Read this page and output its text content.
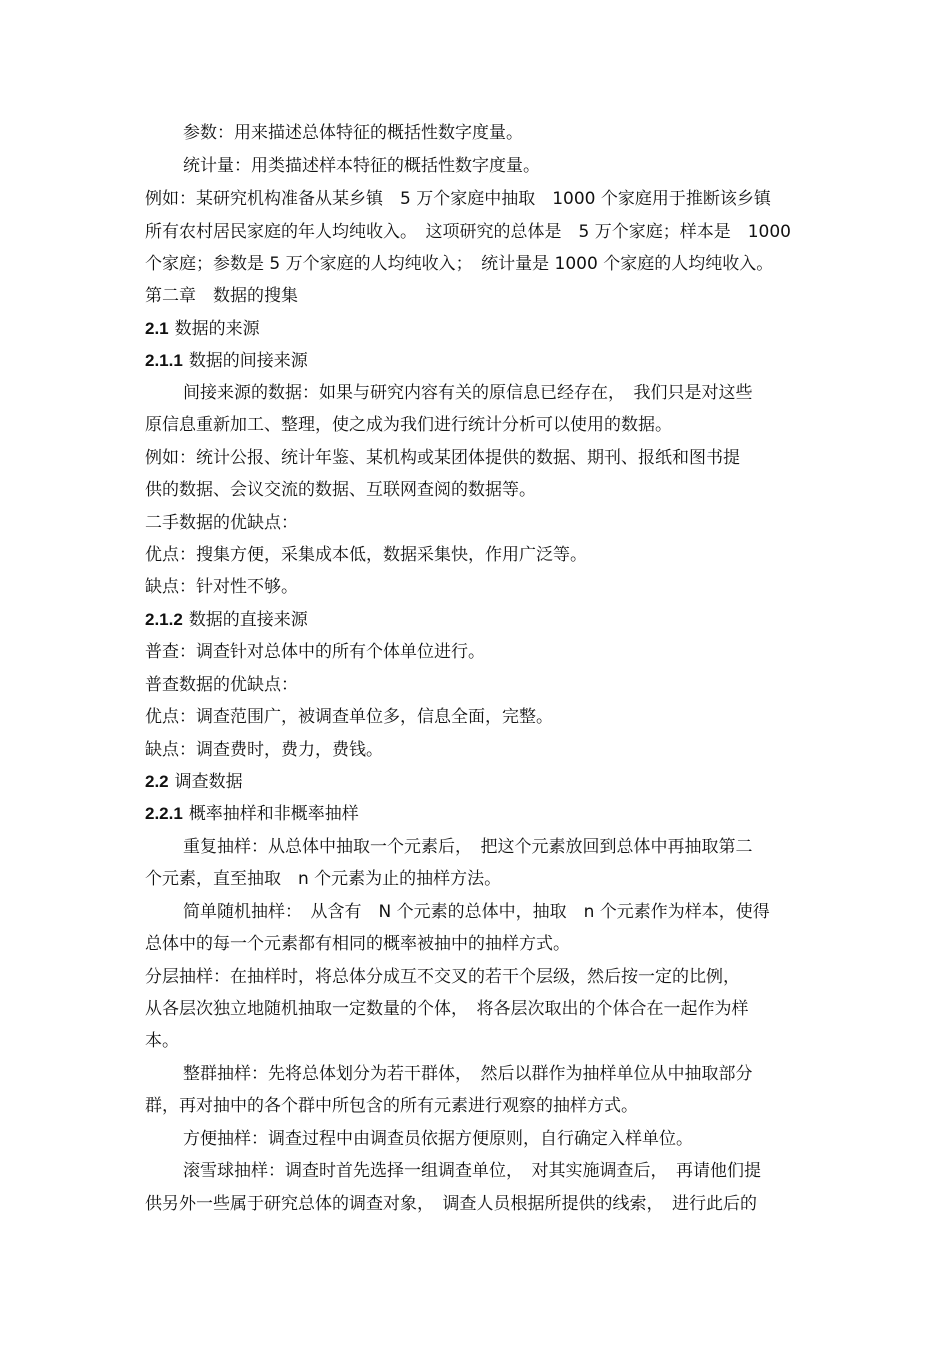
参数：用来描述总体特征的概括性数字度量。
统计量：用类描述样本特征的概括性数字度量。
例如：某研究机构准备从某乡镇　5 万个家庭中抽取　1000 个家庭用于推断该乡镇
所有农村居民家庭的年人均纯收入。　这项研究的总体是　5 万个家庭；样本是　1000
个家庭；参数是 5 万个家庭的人均纯收入；　统计量是 1000 个家庭的人均纯收入。
第二章　数据的搜集
2.1 数据的来源
2.1.1 数据的间接来源
间接来源的数据：如果与研究内容有关的原信息已经存在，　我们只是对这些
原信息重新加工、整理，使之成为我们进行统计分析可以使用的数据。
例如：统计公报、统计年鉴、某机构或某团体提供的数据、期刊、报纸和图书提
供的数据、会议交流的数据、互联网查阅的数据等。
二手数据的优缺点：
优点：搜集方便，采集成本低，数据采集快，作用广泛等。
缺点：针对性不够。
2.1.2 数据的直接来源
普查：调查针对总体中的所有个体单位进行。
普查数据的优缺点：
优点：调查范围广，被调查单位多，信息全面，完整。
缺点：调查费时，费力，费钱。
2.2 调查数据
2.2.1 概率抽样和非概率抽样
重复抽样：从总体中抽取一个元素后，　把这个元素放回到总体中再抽取第二
个元素，直至抽取　n 个元素为止的抽样方法。
简单随机抽样：　从含有　N 个元素的总体中，抽取　n 个元素作为样本，使得
总体中的每一个元素都有相同的概率被抽中的抽样方式。
分层抽样：在抽样时，将总体分成互不交叉的若干个层级，然后按一定的比例，
从各层次独立地随机抽取一定数量的个体，　将各层次取出的个体合在一起作为样
本。
整群抽样：先将总体划分为若干群体，　然后以群作为抽样单位从中抽取部分
群，再对抽中的各个群中所包含的所有元素进行观察的抽样方式。
方便抽样：调查过程中由调查员依据方便原则，自行确定入样单位。
滚雪球抽样：调查时首先选择一组调查单位，　对其实施调查后，　再请他们提
供另外一些属于研究总体的调查对象，　调查人员根据所提供的线索，　进行此后的
